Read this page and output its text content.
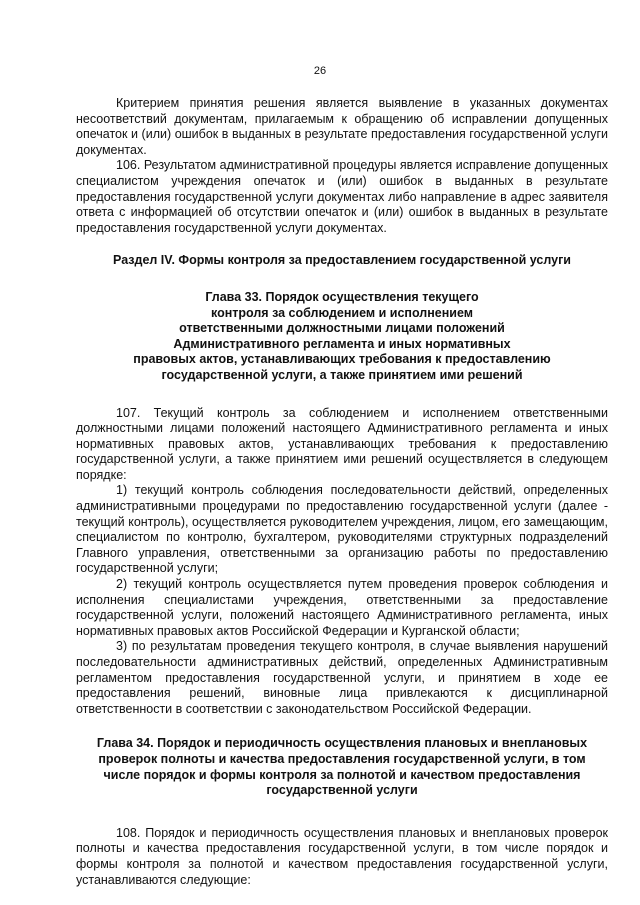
26

Критерием принятия решения является выявление в указанных документах несоответствий документам, прилагаемым к обращению об исправлении допущенных опечаток и (или) ошибок в выданных в результате предоставления государственной услуги документах.

106. Результатом административной процедуры является исправление допущенных специалистом учреждения опечаток и (или) ошибок в выданных в результате предоставления государственной услуги документах либо направление в адрес заявителя ответа с информацией об отсутствии опечаток и (или) ошибок в выданных в результате предоставления государственной услуги документах.

Раздел IV. Формы контроля за предоставлением государственной услуги
Глава 33. Порядок осуществления текущего
контроля за соблюдением и исполнением
ответственными должностными лицами положений
Административного регламента и иных нормативных
правовых актов, устанавливающих требования к предоставлению
государственной услуги, а также принятием ими решений

107. Текущий контроль за соблюдением и исполнением ответственными должностными лицами положений настоящего Административного регламента и иных нормативных правовых актов, устанавливающих требования к предоставлению государственной услуги, а также принятием ими решений осуществляется в следующем порядке:

1) текущий контроль соблюдения последовательности действий, определенных административными процедурами по предоставлению государственной услуги (далее - текущий контроль), осуществляется руководителем учреждения, лицом, его замещающим, специалистом по контролю, бухгалтером, руководителями структурных подразделений Главного управления, ответственными за организацию работы по предоставлению государственной услуги;

2) текущий контроль осуществляется путем проведения проверок соблюдения и исполнения специалистами учреждения, ответственными за предоставление государственной услуги, положений настоящего Административного регламента, иных нормативных правовых актов Российской Федерации и Курганской области;

3) по результатам проведения текущего контроля, в случае выявления нарушений последовательности административных действий, определенных Административным регламентом предоставления государственной услуги, и принятием в ходе ее предоставления решений, виновные лица привлекаются к дисциплинарной ответственности в соответствии с законодательством Российской Федерации.

Глава 34. Порядок и периодичность осуществления плановых и внеплановых
проверок полноты и качества предоставления государственной услуги, в том
числе порядок и формы контроля за полнотой и качеством предоставления
государственной услуги

108. Порядок и периодичность осуществления плановых и внеплановых проверок полноты и качества предоставления государственной услуги, в том числе порядок и формы контроля за полнотой и качеством предоставления государственной услуги, устанавливаются следующие:
